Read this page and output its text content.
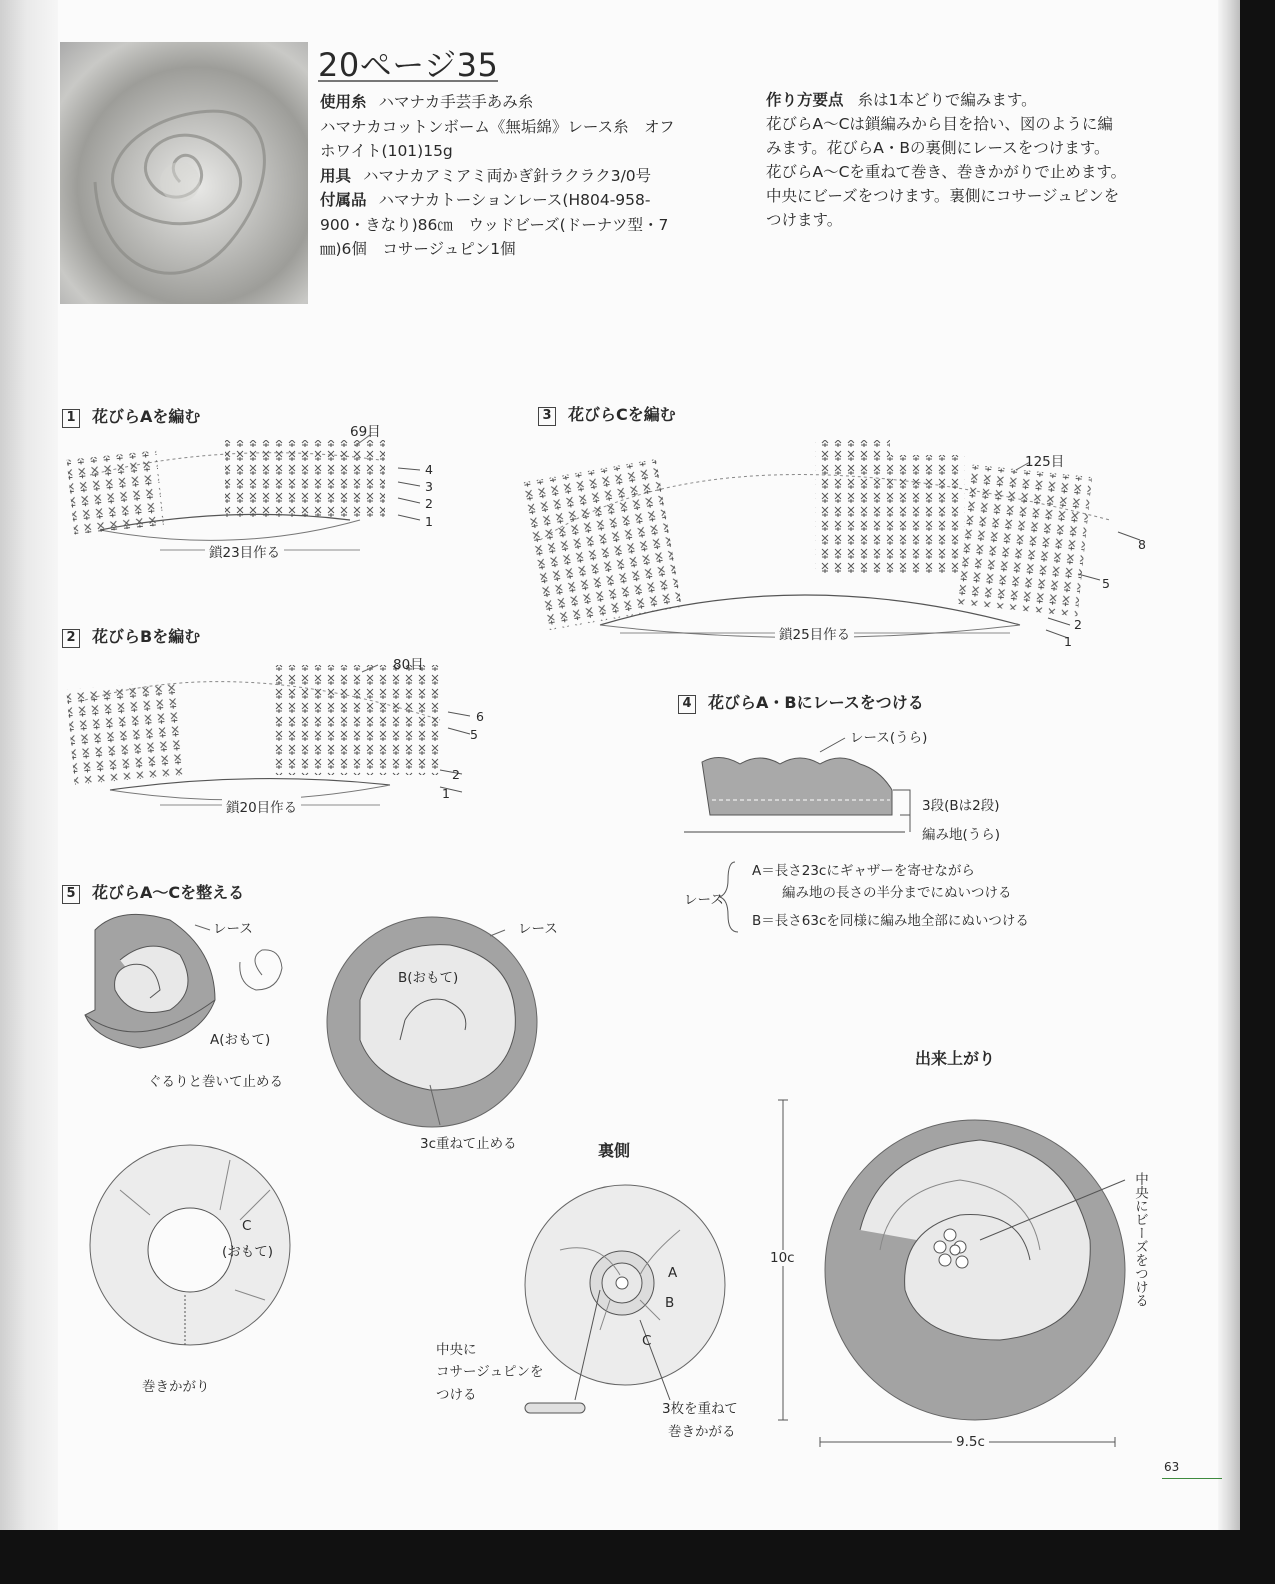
20ページ35
使用糸 ハマナカ手芸手あみ糸
ハマナカコットンボーム《無垢綿》レース糸　オフ
ホワイト(101)15g
用具 ハマナカアミアミ両かぎ針ラクラク3/0号
付属品 ハマナカトーションレース(H804-958-
900・きなり)86㎝　ウッドビーズ(ドーナツ型・7
㎜)6個　コサージュピン1個
作り方要点 糸は1本どりで編みます。
花びらA～Cは鎖編みから目を拾い、図のように編
みます。花びらA・Bの裏側にレースをつけます。
花びらA～Cを重ねて巻き、巻きかがりで止めます。
中央にビーズをつけます。裏側にコサージュピンを
つけます。
1 花びらAを編む
2 花びらBを編む
3 花びらCを編む
4 花びらA・Bにレースをつける
5 花びらA～Cを整える
69目
鎖23目作る
4
3
2
1
80目
鎖20目作る
6
5
2
1
125目
鎖25目作る
8
5
2
1
レース(うら)
3段(Bは2段)
編み地(うら)
レース
A＝長さ23cにギャザーを寄せながら
編み地の長さの半分までにぬいつける
B＝長さ63cを同様に編み地全部にぬいつける
レース
A(おもて)
ぐるりと巻いて止める
レース
B(おもて)
3c重ねて止める
C
(おもて)
巻きかがり
裏側
A
B
C
中央に
コサージュピンを
つける
3枚を重ねて
巻きかがる
出来上がり
中央にビーズをつける
10c
9.5c
63
